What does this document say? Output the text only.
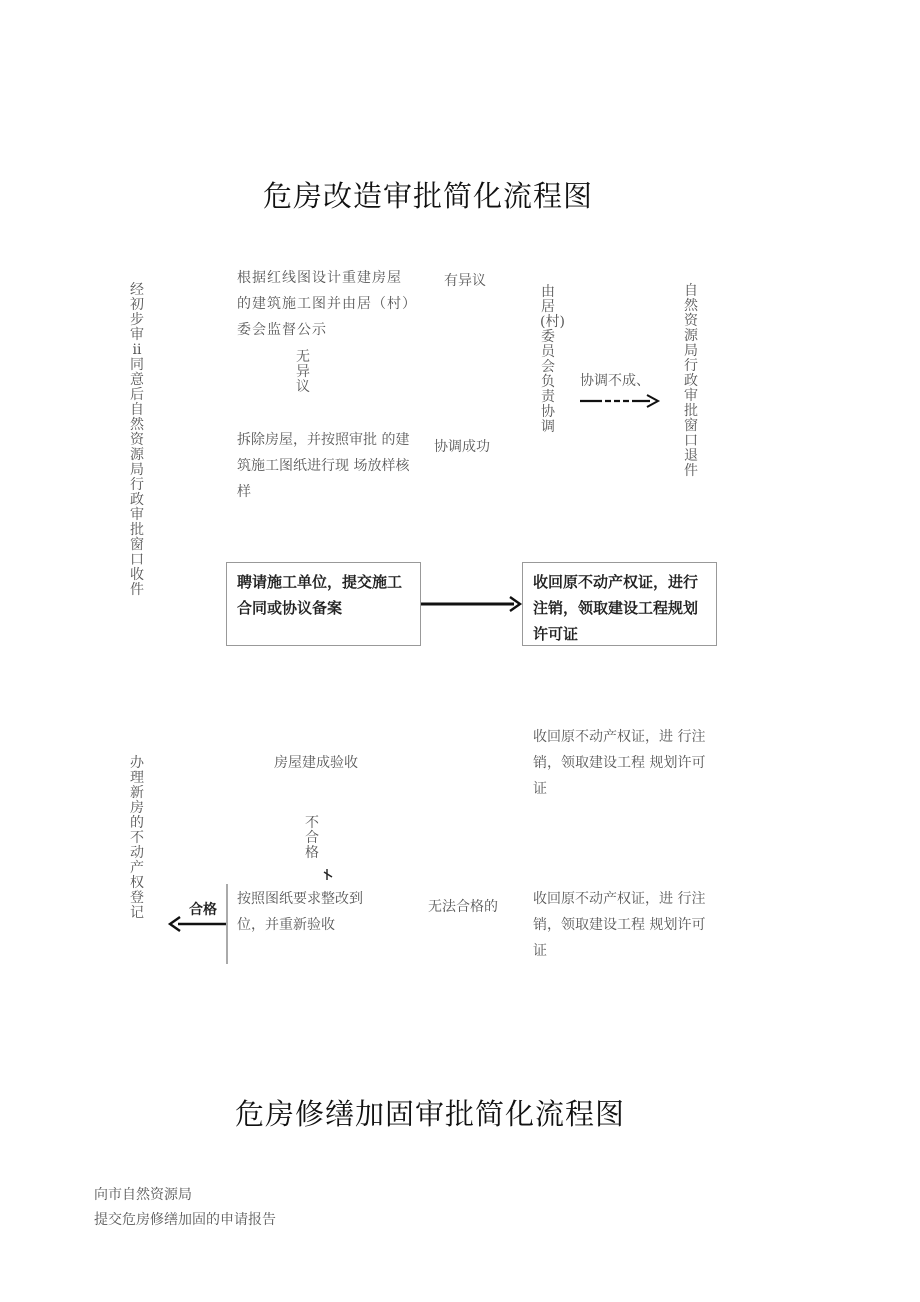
危房改造审批简化流程图
经初步审ⅱ同意后自然资源局行政审批窗口收件
根据红线图设计重建房屋的建筑施工图并由居（村）委会监督公示
有异议
无异议
由居(村)委员会负责协调
协调不成、
自然资源局行政审批窗口退件
拆除房屋，并按照审批 的建筑施工图纸进行现 场放样核样
协调成功
聘请施工单位，提交施工合同或协议备案
收回原不动产权证，进行注销，领取建设工程规划许可证
收回原不动产权证，进 行注销，领取建设工程 规划许可证
办理新房的不动产权登记
房屋建成验收
不合格
合格
按照图纸要求整改到位，并重新验收
无法合格的	收回原不动产权证，进 行注销，领取建设工程 规划许可证
危房修缮加固审批简化流程图
向市自然资源局
提交危房修缮加固的申请报告
